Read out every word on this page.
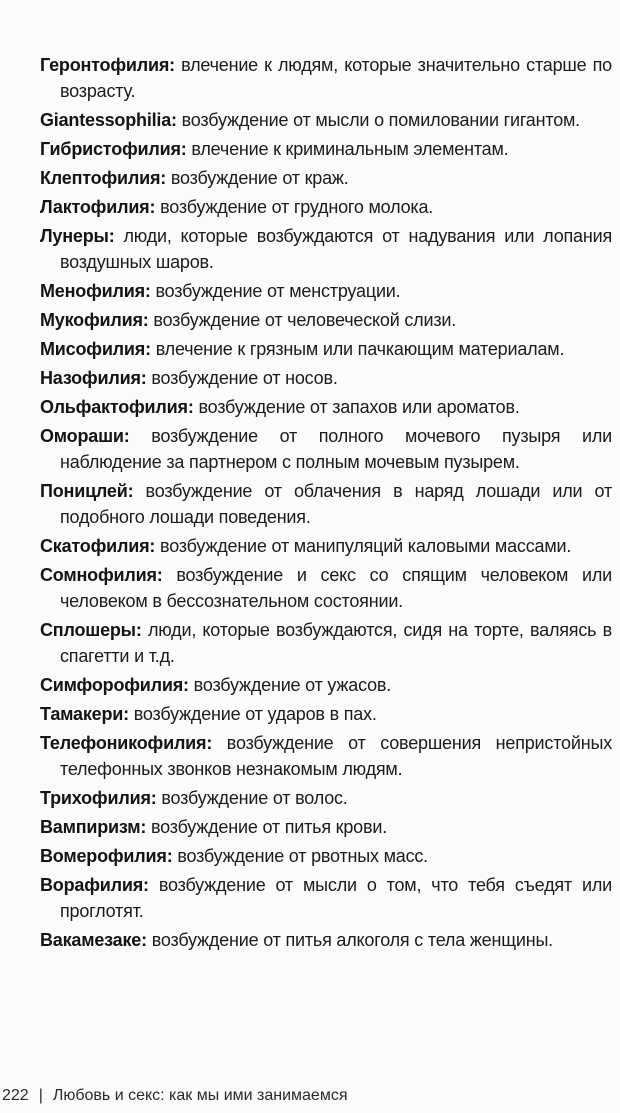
Геронтофилия: влечение к людям, которые значительно старше по возрасту.
Giantessophilia: возбуждение от мысли о помиловании гигантом.
Гибристофилия: влечение к криминальным элементам.
Клептофилия: возбуждение от краж.
Лактофилия: возбуждение от грудного молока.
Лунеры: люди, которые возбуждаются от надувания или лопания воздушных шаров.
Менофилия: возбуждение от менструации.
Мукофилия: возбуждение от человеческой слизи.
Мисофилия: влечение к грязным или пачкающим материалам.
Назофилия: возбуждение от носов.
Ольфактофилия: возбуждение от запахов или ароматов.
Омораши: возбуждение от полного мочевого пузыря или наблюдение за партнером с полным мочевым пузырем.
Поницлей: возбуждение от облачения в наряд лошади или от подобного лошади поведения.
Скатофилия: возбуждение от манипуляций каловыми массами.
Сомнофилия: возбуждение и секс со спящим человеком или человеком в бессознательном состоянии.
Сплошеры: люди, которые возбуждаются, сидя на торте, валяясь в спагетти и т.д.
Симфорофилия: возбуждение от ужасов.
Тамакери: возбуждение от ударов в пах.
Телефоникофилия: возбуждение от совершения непристойных телефонных звонков незнакомым людям.
Трихофилия: возбуждение от волос.
Вампиризм: возбуждение от питья крови.
Вомерофилия: возбуждение от рвотных масс.
Ворафилия: возбуждение от мысли о том, что тебя съедят или проглотят.
Вакамезаке: возбуждение от питья алкоголя с тела женщины.
222 | Любовь и секс: как мы ими занимаемся
